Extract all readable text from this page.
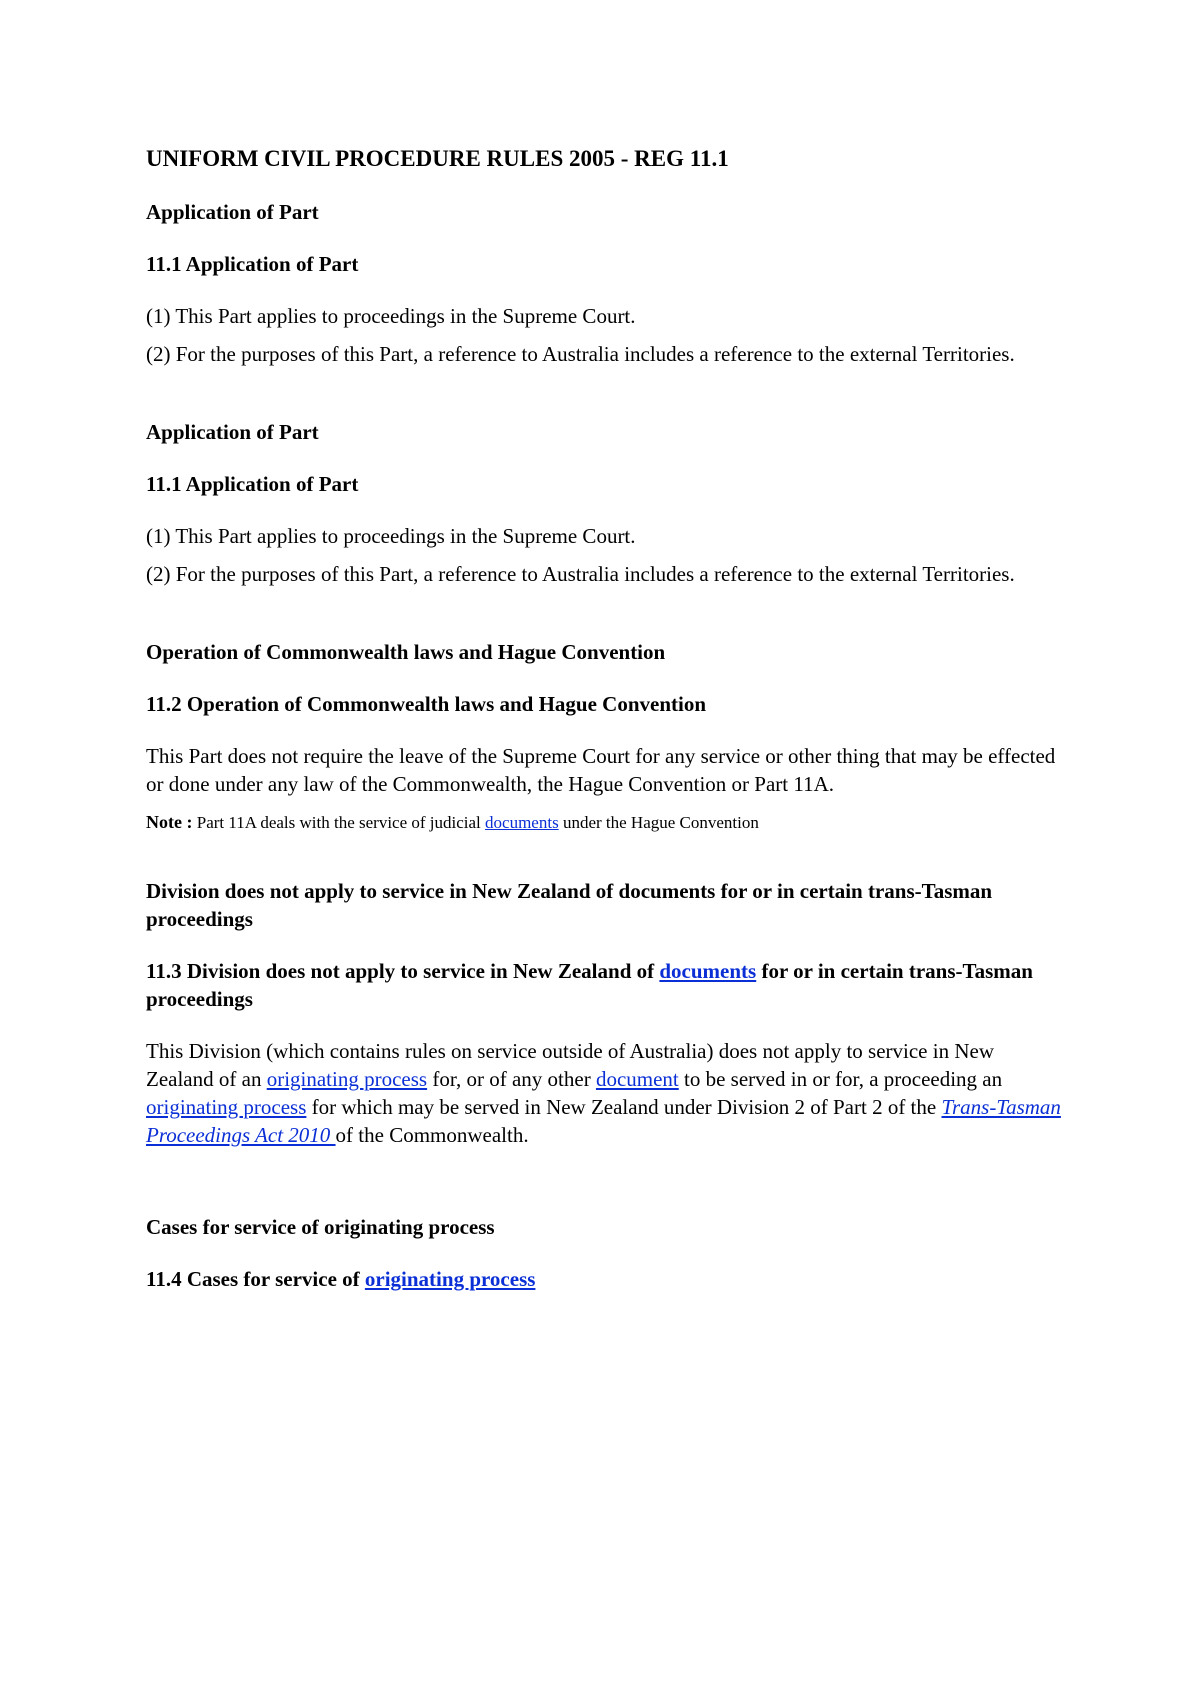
UNIFORM CIVIL PROCEDURE RULES 2005 - REG 11.1
Application of Part
11.1 Application of Part
(1) This Part applies to proceedings in the Supreme Court.
(2) For the purposes of this Part, a reference to Australia includes a reference to the external Territories.
Application of Part
11.1 Application of Part
(1) This Part applies to proceedings in the Supreme Court.
(2) For the purposes of this Part, a reference to Australia includes a reference to the external Territories.
Operation of Commonwealth laws and Hague Convention
11.2 Operation of Commonwealth laws and Hague Convention
This Part does not require the leave of the Supreme Court for any service or other thing that may be effected or done under any law of the Commonwealth, the Hague Convention or Part 11A.
Note : Part 11A deals with the service of judicial documents under the Hague Convention
Division does not apply to service in New Zealand of documents for or in certain trans-Tasman proceedings
11.3 Division does not apply to service in New Zealand of documents for or in certain trans-Tasman proceedings
This Division (which contains rules on service outside of Australia) does not apply to service in New Zealand of an originating process for, or of any other document to be served in or for, a proceeding an originating process for which may be served in New Zealand under Division 2 of Part 2 of the Trans-Tasman Proceedings Act 2010 of the Commonwealth.
Cases for service of originating process
11.4 Cases for service of originating process
